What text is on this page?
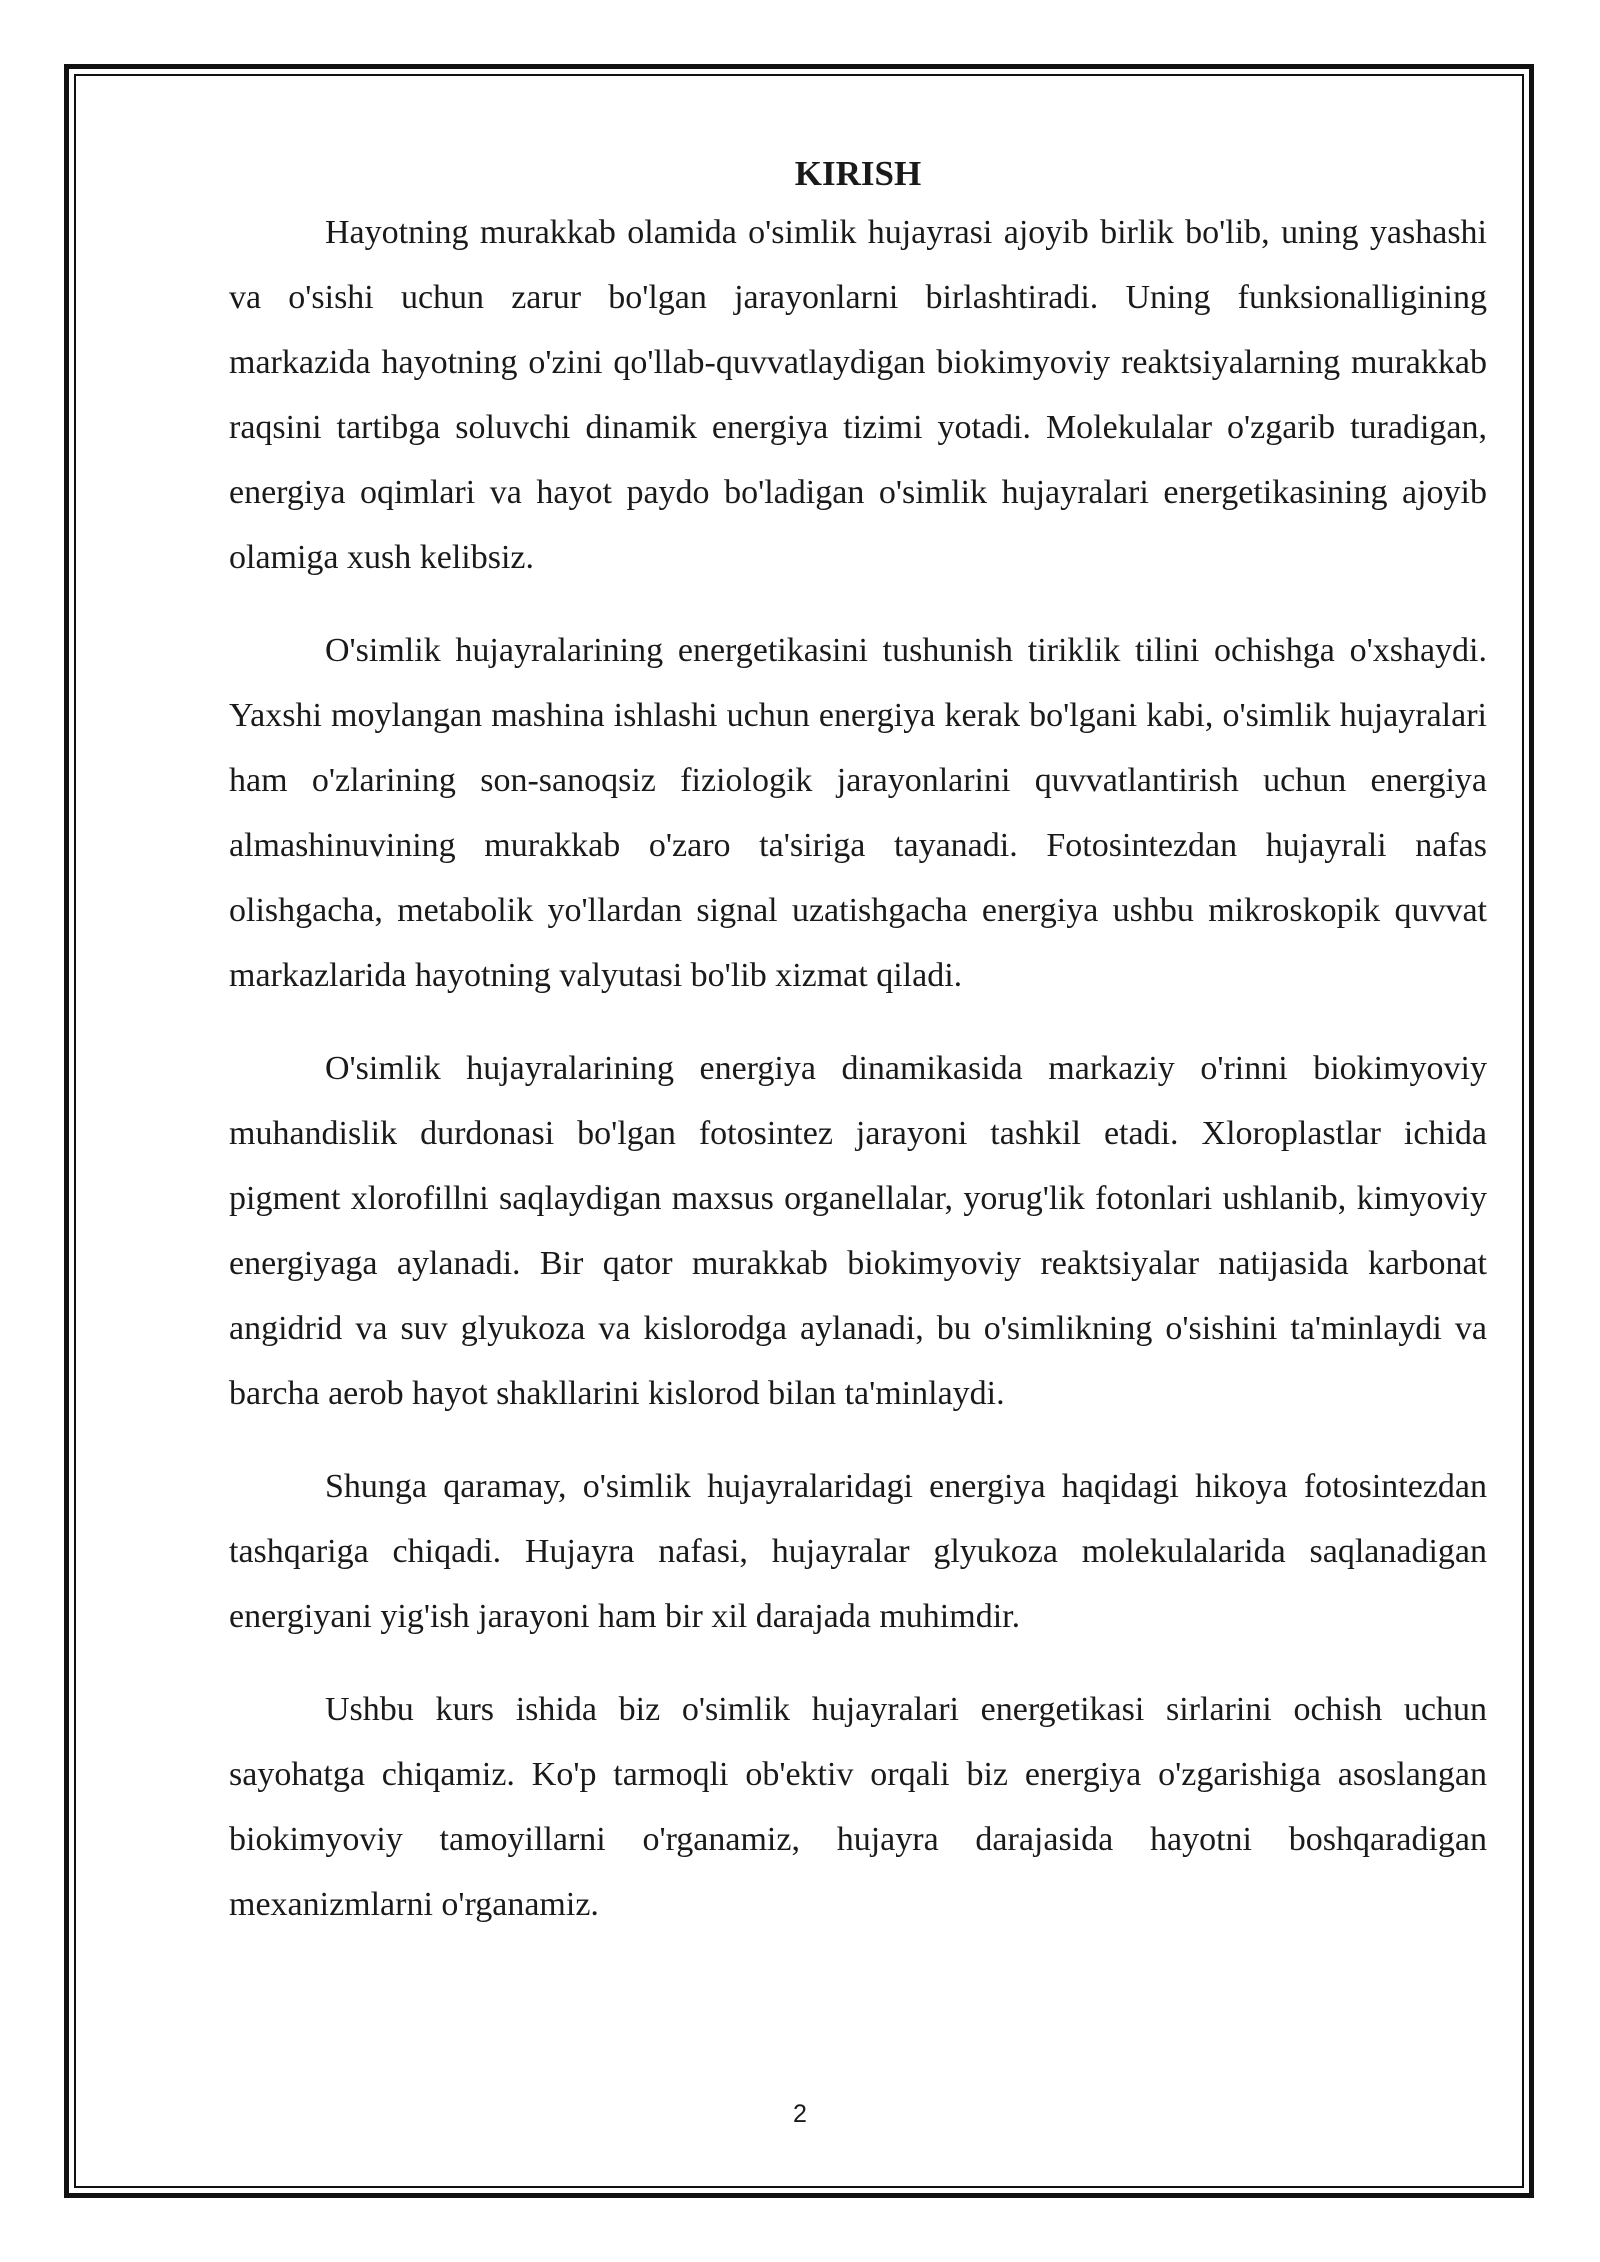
KIRISH

Hayotning murakkab olamida o'simlik hujayrasi ajoyib birlik bo'lib, uning yashashi va o'sishi uchun zarur bo'lgan jarayonlarni birlashtiradi. Uning funksionalligining markazida hayotning o'zini qo'llab-quvvatlaydigan biokimyoviy reaktsiyalarning murakkab raqsini tartibga soluvchi dinamik energiya tizimi yotadi. Molekulalar o'zgarib turadigan, energiya oqimlari va hayot paydo bo'ladigan o'simlik hujayralari energetikasining ajoyib olamiga xush kelibsiz.

O'simlik hujayralarining energetikasini tushunish tiriklik tilini ochishga o'xshaydi. Yaxshi moylangan mashina ishlashi uchun energiya kerak bo'lgani kabi, o'simlik hujayralari ham o'zlarining son-sanoqsiz fiziologik jarayonlarini quvvatlantirish uchun energiya almashinuvining murakkab o'zaro ta'siriga tayanadi. Fotosintezdan hujayrali nafas olishgacha, metabolik yo'llardan signal uzatishgacha energiya ushbu mikroskopik quvvat markazlarida hayotning valyutasi bo'lib xizmat qiladi.

O'simlik hujayralarining energiya dinamikasida markaziy o'rinni biokimyoviy muhandislik durdonasi bo'lgan fotosintez jarayoni tashkil etadi. Xloroplastlar ichida pigment xlorofillni saqlaydigan maxsus organellalar, yorug'lik fotonlari ushlanib, kimyoviy energiyaga aylanadi. Bir qator murakkab biokimyoviy reaktsiyalar natijasida karbonat angidrid va suv glyukoza va kislorodga aylanadi, bu o'simlikning o'sishini ta'minlaydi va barcha aerob hayot shakllarini kislorod bilan ta'minlaydi.

Shunga qaramay, o'simlik hujayralaridagi energiya haqidagi hikoya fotosintezdan tashqariga chiqadi. Hujayra nafasi, hujayralar glyukoza molekulalarida saqlanadigan energiyani yig'ish jarayoni ham bir xil darajada muhimdir.

Ushbu kurs ishida biz o'simlik hujayralari energetikasi sirlarini ochish uchun sayohatga chiqamiz. Ko'p tarmoqli ob'ektiv orqali biz energiya o'zgarishiga asoslangan biokimyoviy tamoyillarni o'rganamiz, hujayra darajasida hayotni boshqaradigan mexanizmlarni o'rganamiz.

2
